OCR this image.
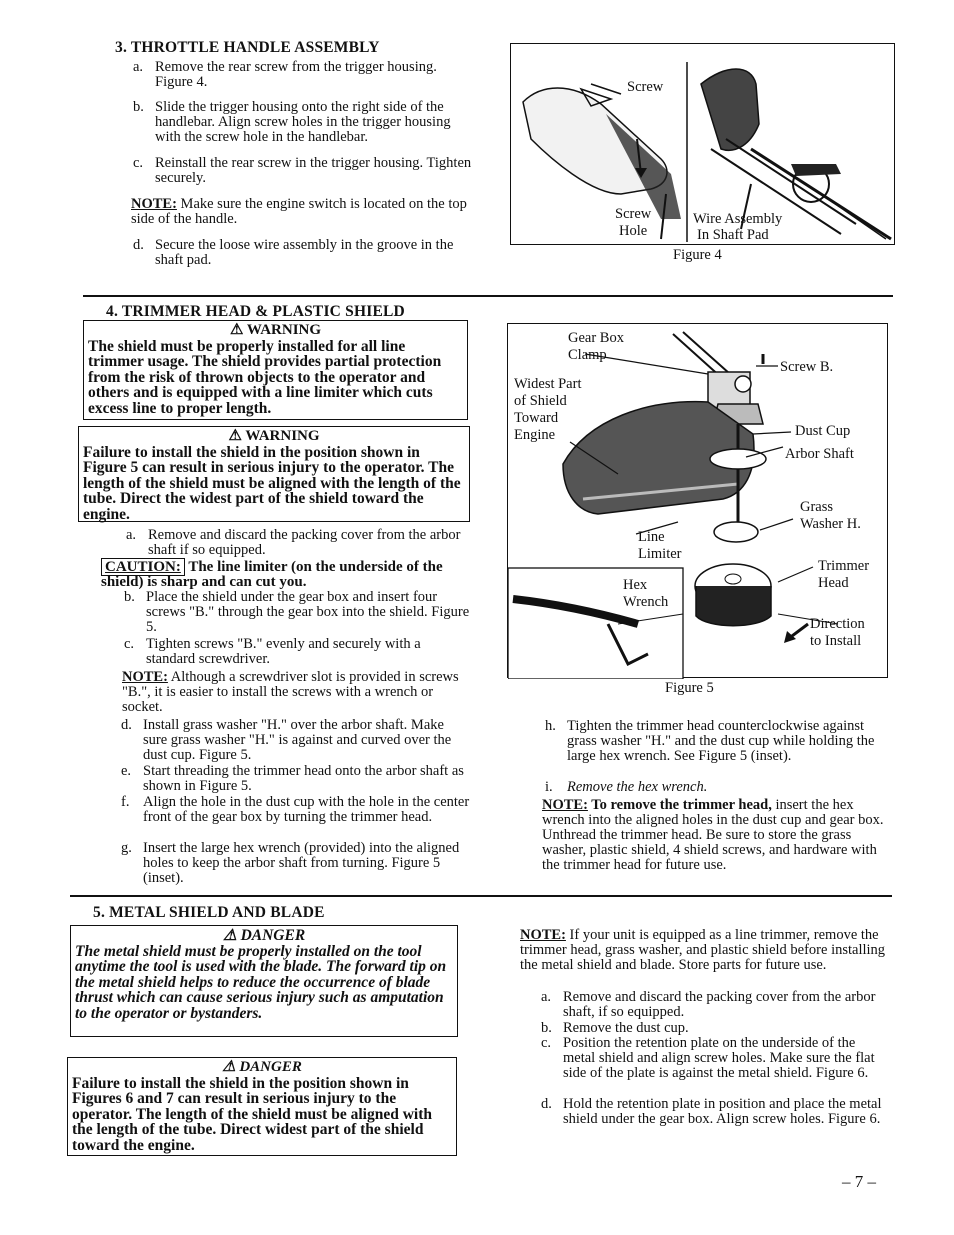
3. THROTTLE HANDLE ASSEMBLY
a. Remove the rear screw from the trigger housing. Figure 4.
b. Slide the trigger housing onto the right side of the handlebar. Align screw holes in the trigger housing with the screw hole in the handlebar.
c. Reinstall the rear screw in the trigger housing. Tighten securely.
NOTE: Make sure the engine switch is located on the top side of the handle.
d. Secure the loose wire assembly in the groove in the shaft pad.
Screw
Screw
Hole
Wire Assembly
In Shaft Pad
Figure 4
4. TRIMMER HEAD & PLASTIC SHIELD
⚠ WARNING
The shield must be properly installed for all line trimmer usage. The shield provides partial protection from the risk of thrown objects to the operator and others and is equipped with a line limiter which cuts excess line to proper length.
⚠ WARNING
Failure to install the shield in the position shown in Figure 5 can result in serious injury to the operator. The length of the shield must be aligned with the length of the tube. Direct the widest part of the shield toward the engine.
a. Remove and discard the packing cover from the arbor shaft if so equipped.
CAUTION: The line limiter (on the underside of the shield) is sharp and can cut you.
b. Place the shield under the gear box and insert four screws "B." through the gear box into the shield. Figure 5.
c. Tighten screws "B." evenly and securely with a standard screwdriver.
NOTE: Although a screwdriver slot is provided in screws "B.", it is easier to install the screws with a wrench or socket.
d. Install grass washer "H." over the arbor shaft. Make sure grass washer "H." is against and curved over the dust cup. Figure 5.
e. Start threading the trimmer head onto the arbor shaft as shown in Figure 5.
f. Align the hole in the dust cup with the hole in the center front of the gear box by turning the trimmer head.
g. Insert the large hex wrench (provided) into the aligned holes to keep the arbor shaft from turning. Figure 5 (inset).
Gear Box
Clamp
Screw B.
Widest Part
of Shield
Toward
Engine	Dust Cup
Arbor Shaft
Grass
Washer H.
Line
Limiter
Hex
Wrench
Trimmer
Head
Direction
to Install
Figure 5
h. Tighten the trimmer head counterclockwise against grass washer "H." and the dust cup while holding the large hex wrench. See Figure 5 (inset).
i. Remove the hex wrench.
NOTE: To remove the trimmer head, insert the hex wrench into the aligned holes in the dust cup and gear box. Unthread the trimmer head. Be sure to store the grass washer, plastic shield, 4 shield screws, and hardware with the trimmer head for future use.
5. METAL SHIELD AND BLADE
⚠ DANGER
The metal shield must be properly installed on the tool anytime the tool is used with the blade. The forward tip on the metal shield helps to reduce the occurrence of blade thrust which can cause serious injury such as amputation to the operator or bystanders.
⚠ DANGER
Failure to install the shield in the position shown in Figures 6 and 7 can result in serious injury to the operator. The length of the shield must be aligned with the length of the tube. Direct widest part of the shield toward the engine.
NOTE: If your unit is equipped as a line trimmer, remove the trimmer head, grass washer, and plastic shield before installing the metal shield and blade. Store parts for future use.
a. Remove and discard the packing cover from the arbor shaft, if so equipped.
b. Remove the dust cup.
c. Position the retention plate on the underside of the metal shield and align screw holes. Make sure the flat side of the plate is against the metal shield. Figure 6.
d. Hold the retention plate in position and place the metal shield under the gear box. Align screw holes. Figure 6.
– 7 –
